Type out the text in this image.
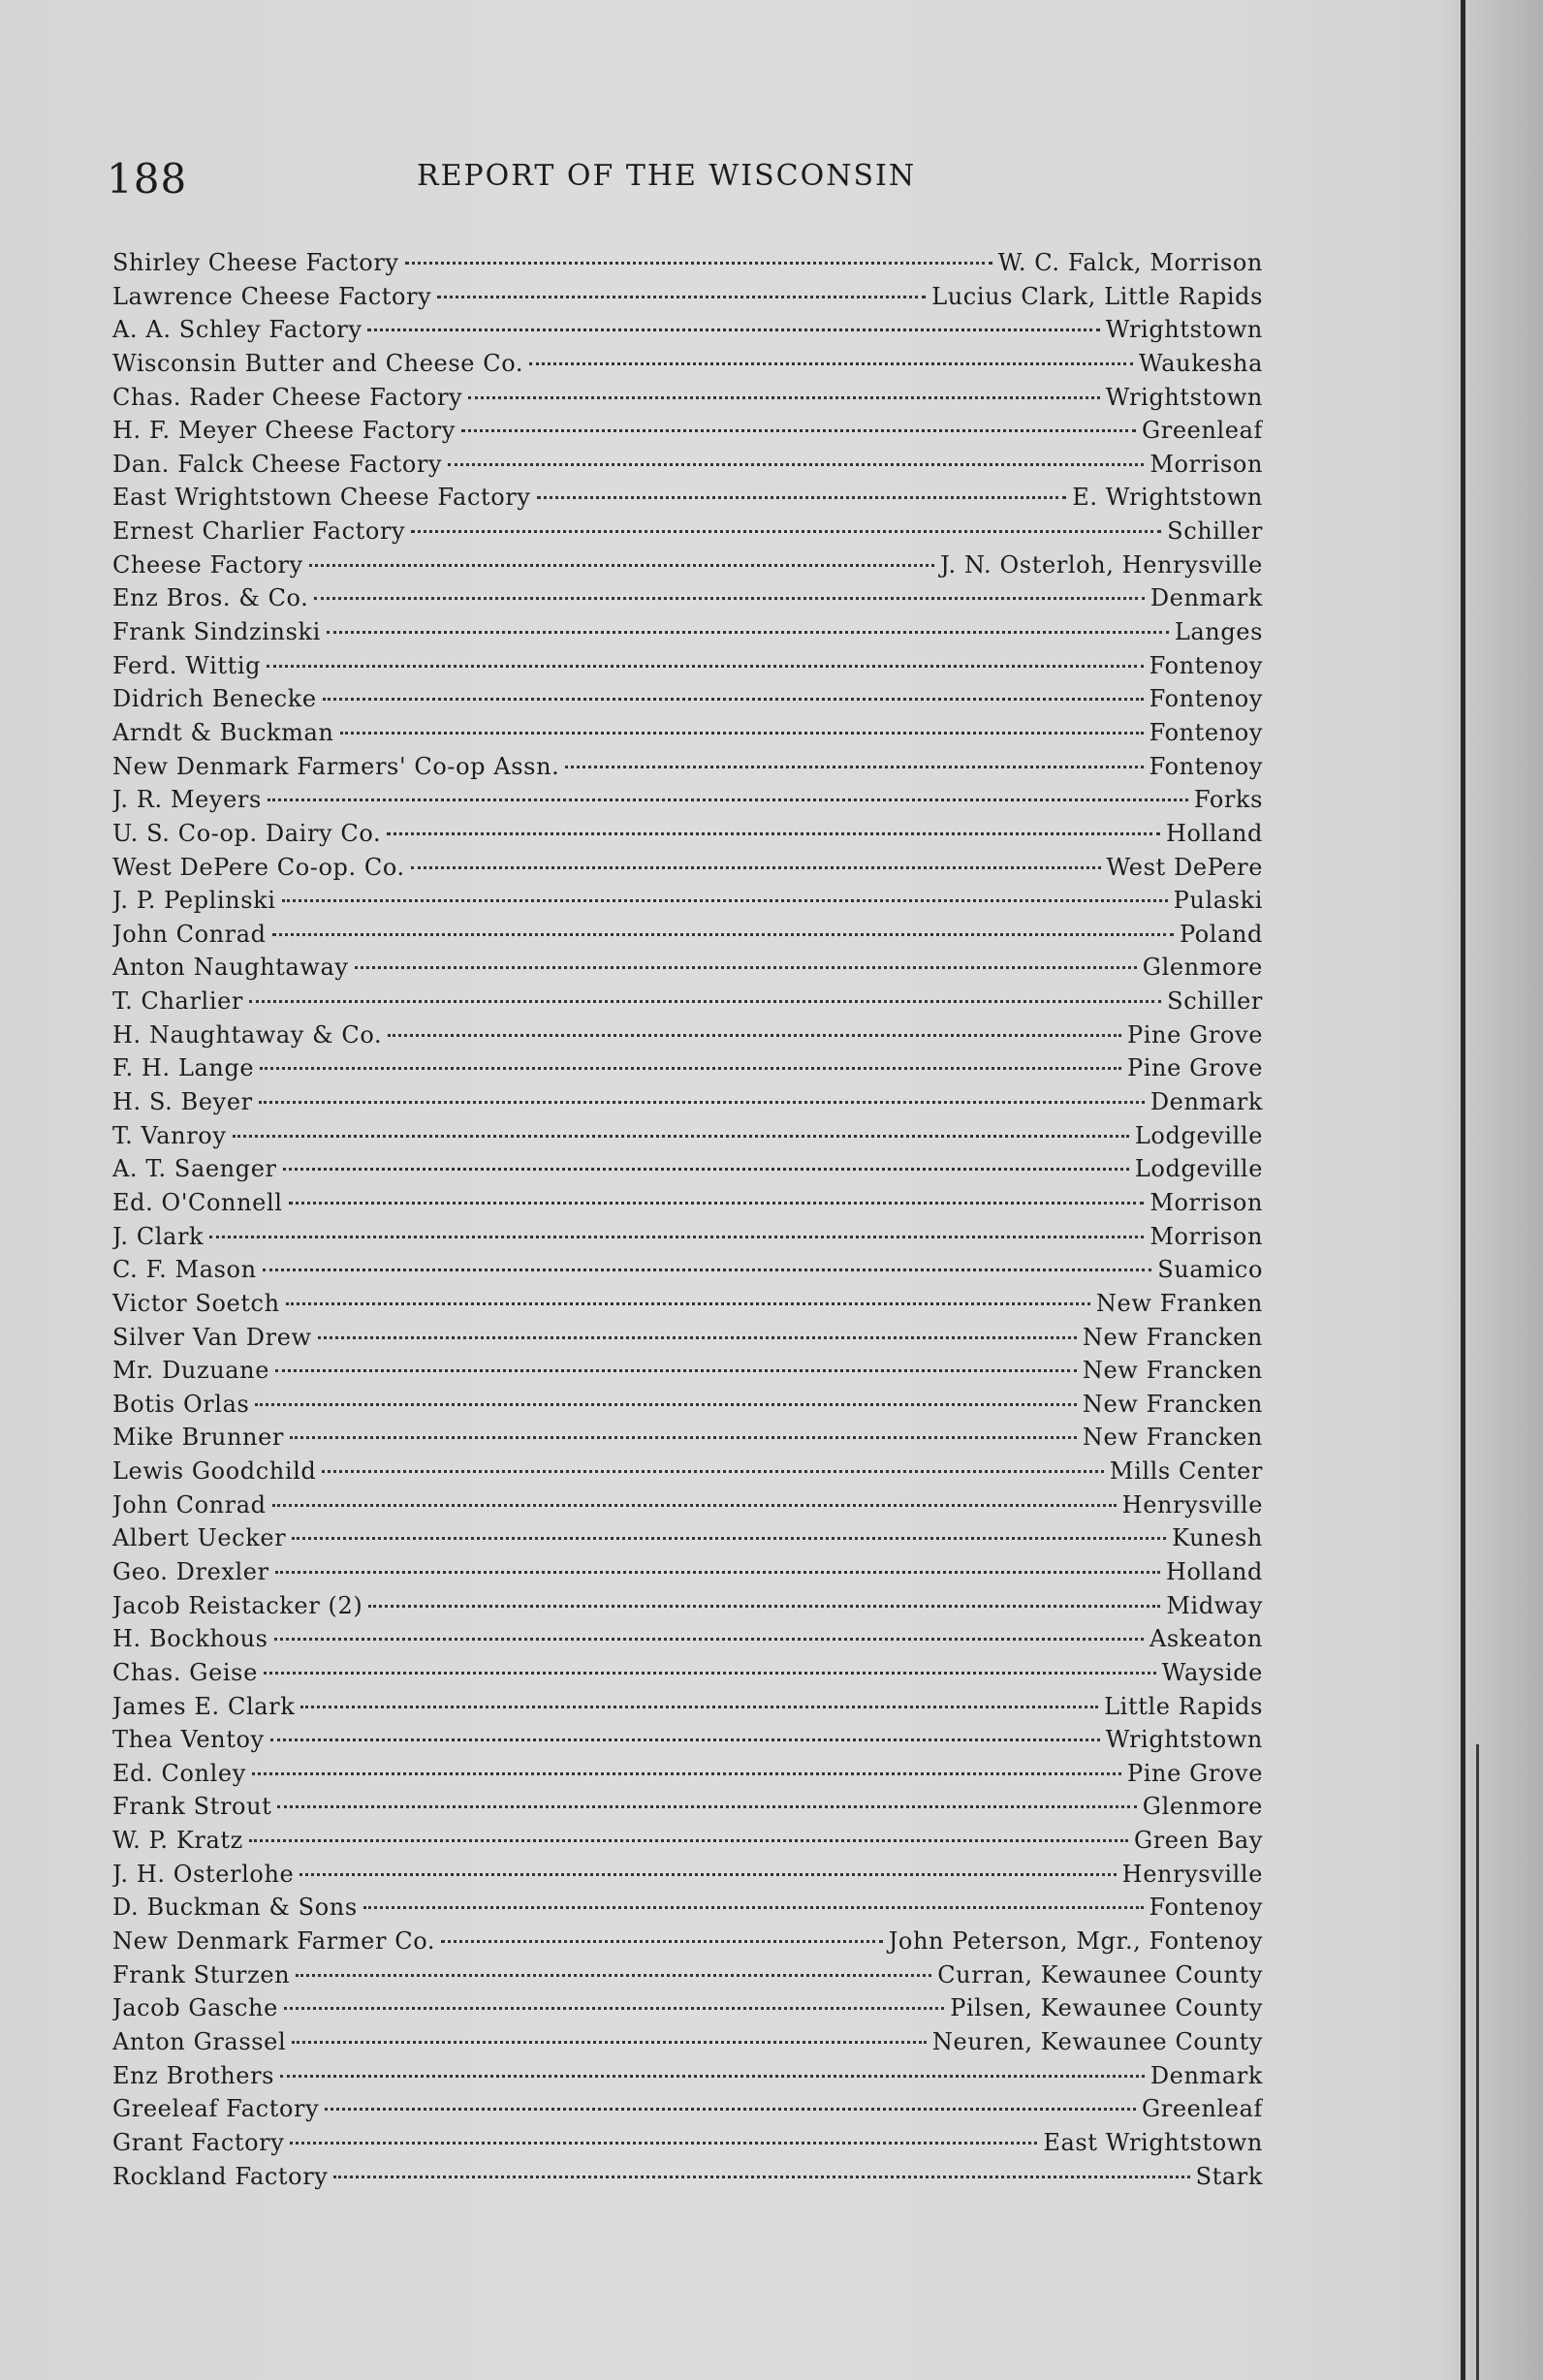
188	REPORT OF THE WISCONSIN
Shirley Cheese Factory	W. C. Falck, Morrison
Lawrence Cheese Factory	Lucius Clark, Little Rapids
A. A. Schley Factory	Wrightstown
Wisconsin Butter and Cheese Co.	Waukesha
Chas. Rader Cheese Factory	Wrightstown
H. F. Meyer Cheese Factory	Greenleaf
Dan. Falck Cheese Factory	Morrison
East Wrightstown Cheese Factory	E. Wrightstown
Ernest Charlier Factory	Schiller
Cheese Factory	J. N. Osterloh, Henrysville
Enz Bros. & Co.	Denmark
Frank Sindzinski	Langes
Ferd. Wittig	Fontenoy
Didrich Benecke	Fontenoy
Arndt & Buckman	Fontenoy
New Denmark Farmers' Co-op Assn.	Fontenoy
J. R. Meyers	Forks
U. S. Co-op. Dairy Co.	Holland
West DePere Co-op. Co.	West DePere
J. P. Peplinski	Pulaski
John Conrad	Poland
Anton Naughtaway	Glenmore
T. Charlier	Schiller
H. Naughtaway & Co.	Pine Grove
F. H. Lange	Pine Grove
H. S. Beyer	Denmark
T. Vanroy	Lodgeville
A. T. Saenger	Lodgeville
Ed. O'Connell	Morrison
J. Clark	Morrison
C. F. Mason	Suamico
Victor Soetch	New Franken
Silver Van Drew	New Francken
Mr. Duzuane	New Francken
Botis Orlas	New Francken
Mike Brunner	New Francken
Lewis Goodchild	Mills Center
John Conrad	Henrysville
Albert Uecker	Kunesh
Geo. Drexler	Holland
Jacob Reistacker (2)	Midway
H. Bockhous	Askeaton
Chas. Geise	Wayside
James E. Clark	Little Rapids
Thea Ventoy	Wrightstown
Ed. Conley	Pine Grove
Frank Strout	Glenmore
W. P. Kratz	Green Bay
J. H. Osterlohe	Henrysville
D. Buckman & Sons	Fontenoy
New Denmark Farmer Co.	John Peterson, Mgr., Fontenoy
Frank Sturzen	Curran, Kewaunee County
Jacob Gasche	Pilsen, Kewaunee County
Anton Grassel	Neuren, Kewaunee County
Enz Brothers	Denmark
Greeleaf Factory	Greenleaf
Grant Factory	East Wrightstown
Rockland Factory	Stark
